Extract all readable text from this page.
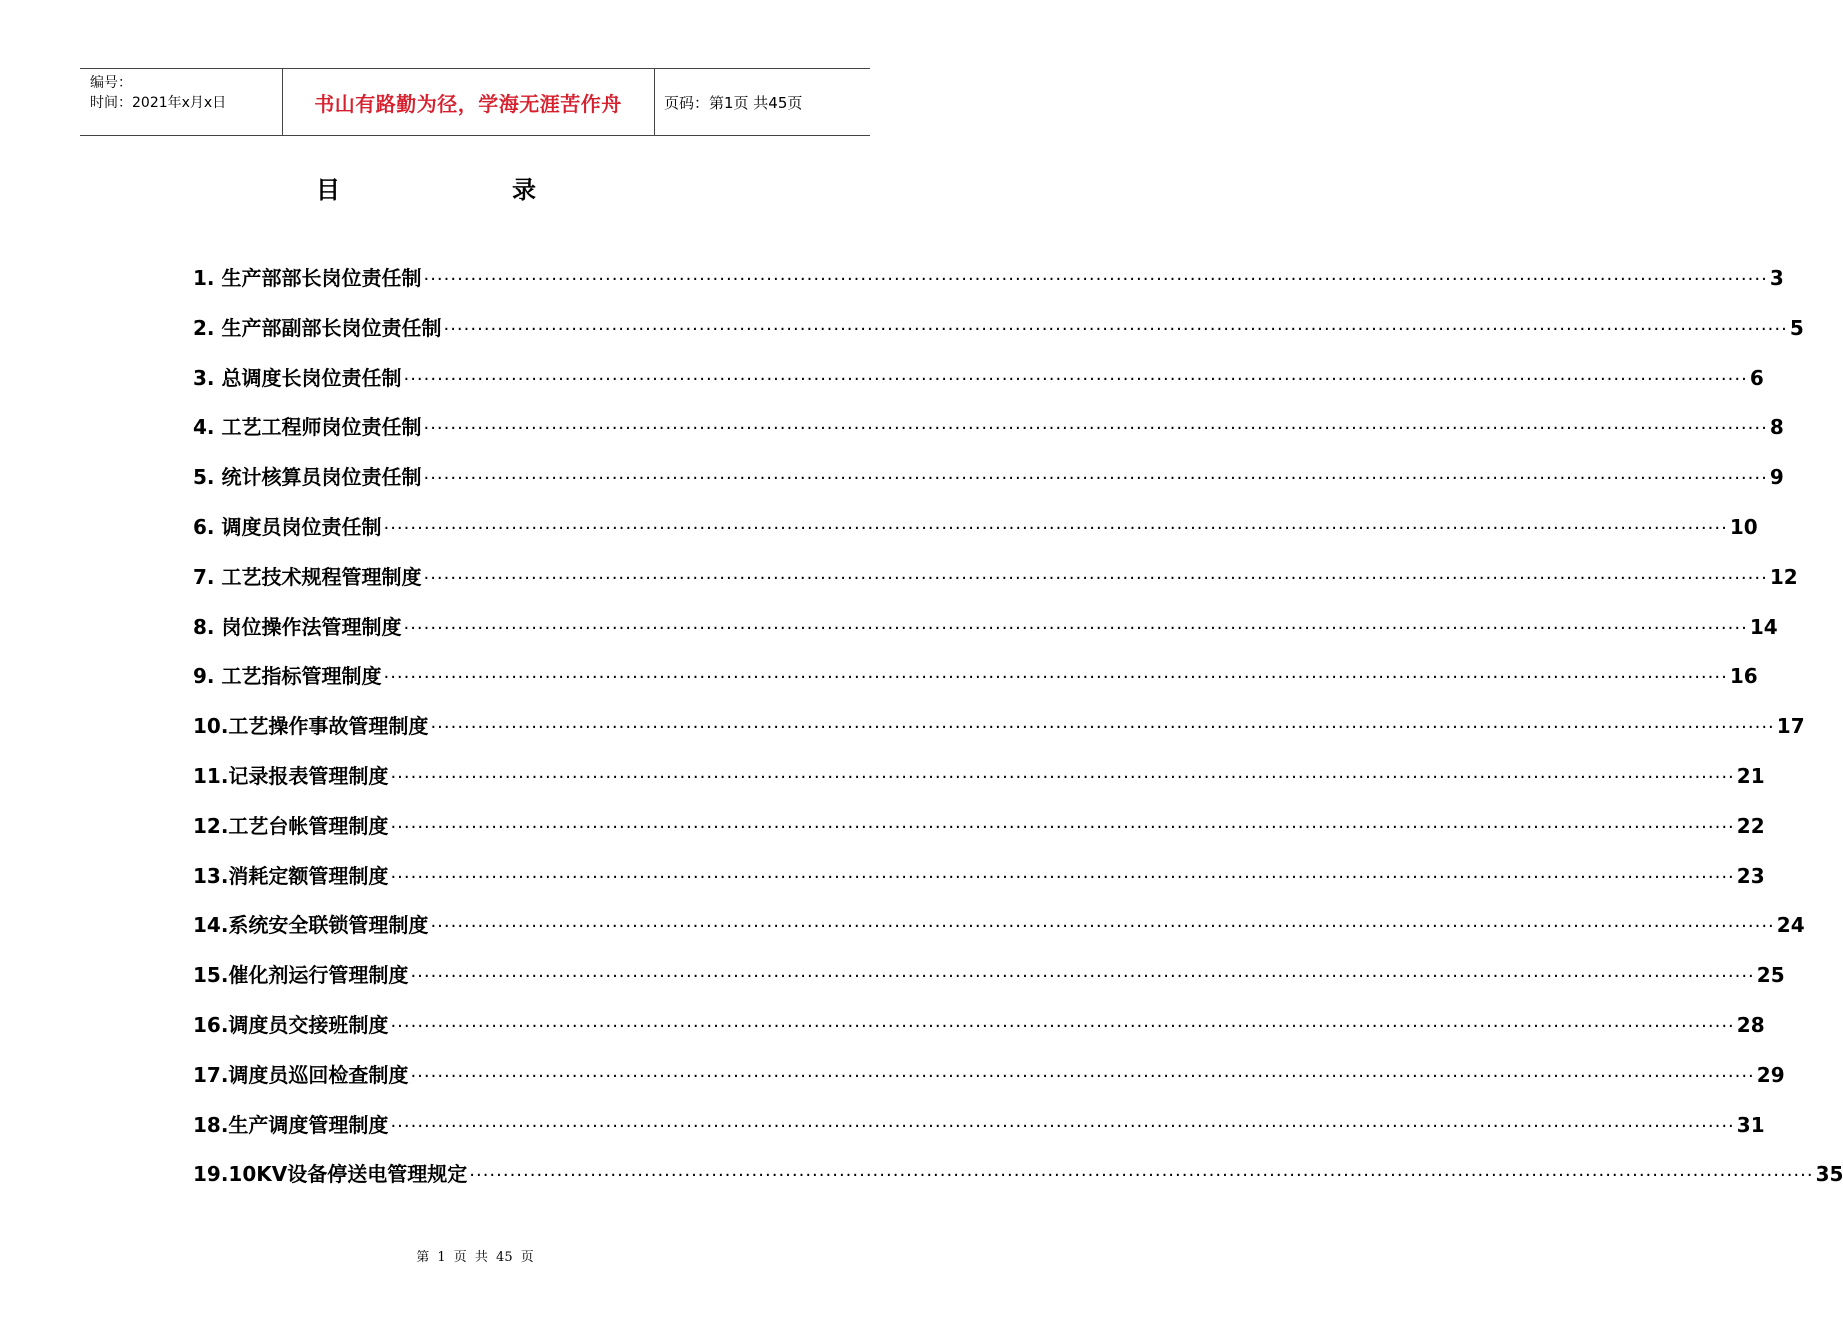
编号：
时间：2021年x月x日	书山有路勤为径，学海无涯苦作舟	页码：第1页 共45页
目	录
1. 生产部部长岗位责任制 ········································································································································································································ 3
2. 生产部副部长岗位责任制 ········································································································································································································ 5
3. 总调度长岗位责任制 ········································································································································································································ 6
4. 工艺工程师岗位责任制 ········································································································································································································ 8
5. 统计核算员岗位责任制 ········································································································································································································ 9
6. 调度员岗位责任制 ········································································································································································································ 10
7. 工艺技术规程管理制度 ········································································································································································································ 12
8. 岗位操作法管理制度 ········································································································································································································ 14
9. 工艺指标管理制度 ········································································································································································································ 16
10.工艺操作事故管理制度 ········································································································································································································ 17
11.记录报表管理制度 ········································································································································································································ 21
12.工艺台帐管理制度 ········································································································································································································ 22
13.消耗定额管理制度 ········································································································································································································ 23
14.系统安全联锁管理制度 ········································································································································································································ 24
15.催化剂运行管理制度 ········································································································································································································ 25
16.调度员交接班制度 ········································································································································································································ 28
17.调度员巡回检查制度 ········································································································································································································ 29
18.生产调度管理制度 ········································································································································································································ 31
19.10KV设备停送电管理规定 ········································································································································································································ 35
第 1 页 共 45 页
